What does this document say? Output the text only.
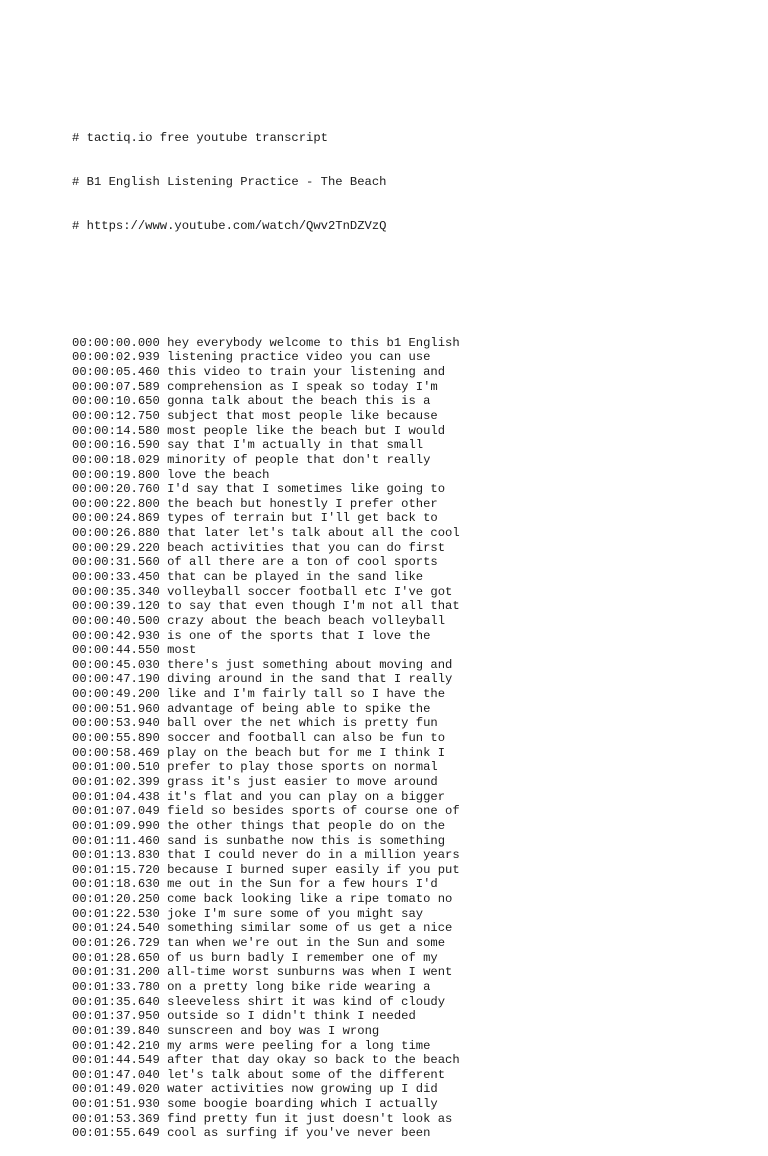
# tactiq.io free youtube transcript

# B1 English Listening Practice - The Beach

# https://www.youtube.com/watch/Qwv2TnDZVzQ

00:00:00.000 hey everybody welcome to this b1 English
00:00:02.939 listening practice video you can use
00:00:05.460 this video to train your listening and
00:00:07.589 comprehension as I speak so today I'm
00:00:10.650 gonna talk about the beach this is a
00:00:12.750 subject that most people like because
00:00:14.580 most people like the beach but I would
00:00:16.590 say that I'm actually in that small
00:00:18.029 minority of people that don't really
00:00:19.800 love the beach
00:00:20.760 I'd say that I sometimes like going to
00:00:22.800 the beach but honestly I prefer other
00:00:24.869 types of terrain but I'll get back to
00:00:26.880 that later let's talk about all the cool
00:00:29.220 beach activities that you can do first
00:00:31.560 of all there are a ton of cool sports
00:00:33.450 that can be played in the sand like
00:00:35.340 volleyball soccer football etc I've got
00:00:39.120 to say that even though I'm not all that
00:00:40.500 crazy about the beach beach volleyball
00:00:42.930 is one of the sports that I love the
00:00:44.550 most
00:00:45.030 there's just something about moving and
00:00:47.190 diving around in the sand that I really
00:00:49.200 like and I'm fairly tall so I have the
00:00:51.960 advantage of being able to spike the
00:00:53.940 ball over the net which is pretty fun
00:00:55.890 soccer and football can also be fun to
00:00:58.469 play on the beach but for me I think I
00:01:00.510 prefer to play those sports on normal
00:01:02.399 grass it's just easier to move around
00:01:04.438 it's flat and you can play on a bigger
00:01:07.049 field so besides sports of course one of
00:01:09.990 the other things that people do on the
00:01:11.460 sand is sunbathe now this is something
00:01:13.830 that I could never do in a million years
00:01:15.720 because I burned super easily if you put
00:01:18.630 me out in the Sun for a few hours I'd
00:01:20.250 come back looking like a ripe tomato no
00:01:22.530 joke I'm sure some of you might say
00:01:24.540 something similar some of us get a nice
00:01:26.729 tan when we're out in the Sun and some
00:01:28.650 of us burn badly I remember one of my
00:01:31.200 all-time worst sunburns was when I went
00:01:33.780 on a pretty long bike ride wearing a
00:01:35.640 sleeveless shirt it was kind of cloudy
00:01:37.950 outside so I didn't think I needed
00:01:39.840 sunscreen and boy was I wrong
00:01:42.210 my arms were peeling for a long time
00:01:44.549 after that day okay so back to the beach
00:01:47.040 let's talk about some of the different
00:01:49.020 water activities now growing up I did
00:01:51.930 some boogie boarding which I actually
00:01:53.369 find pretty fun it just doesn't look as
00:01:55.649 cool as surfing if you've never been
